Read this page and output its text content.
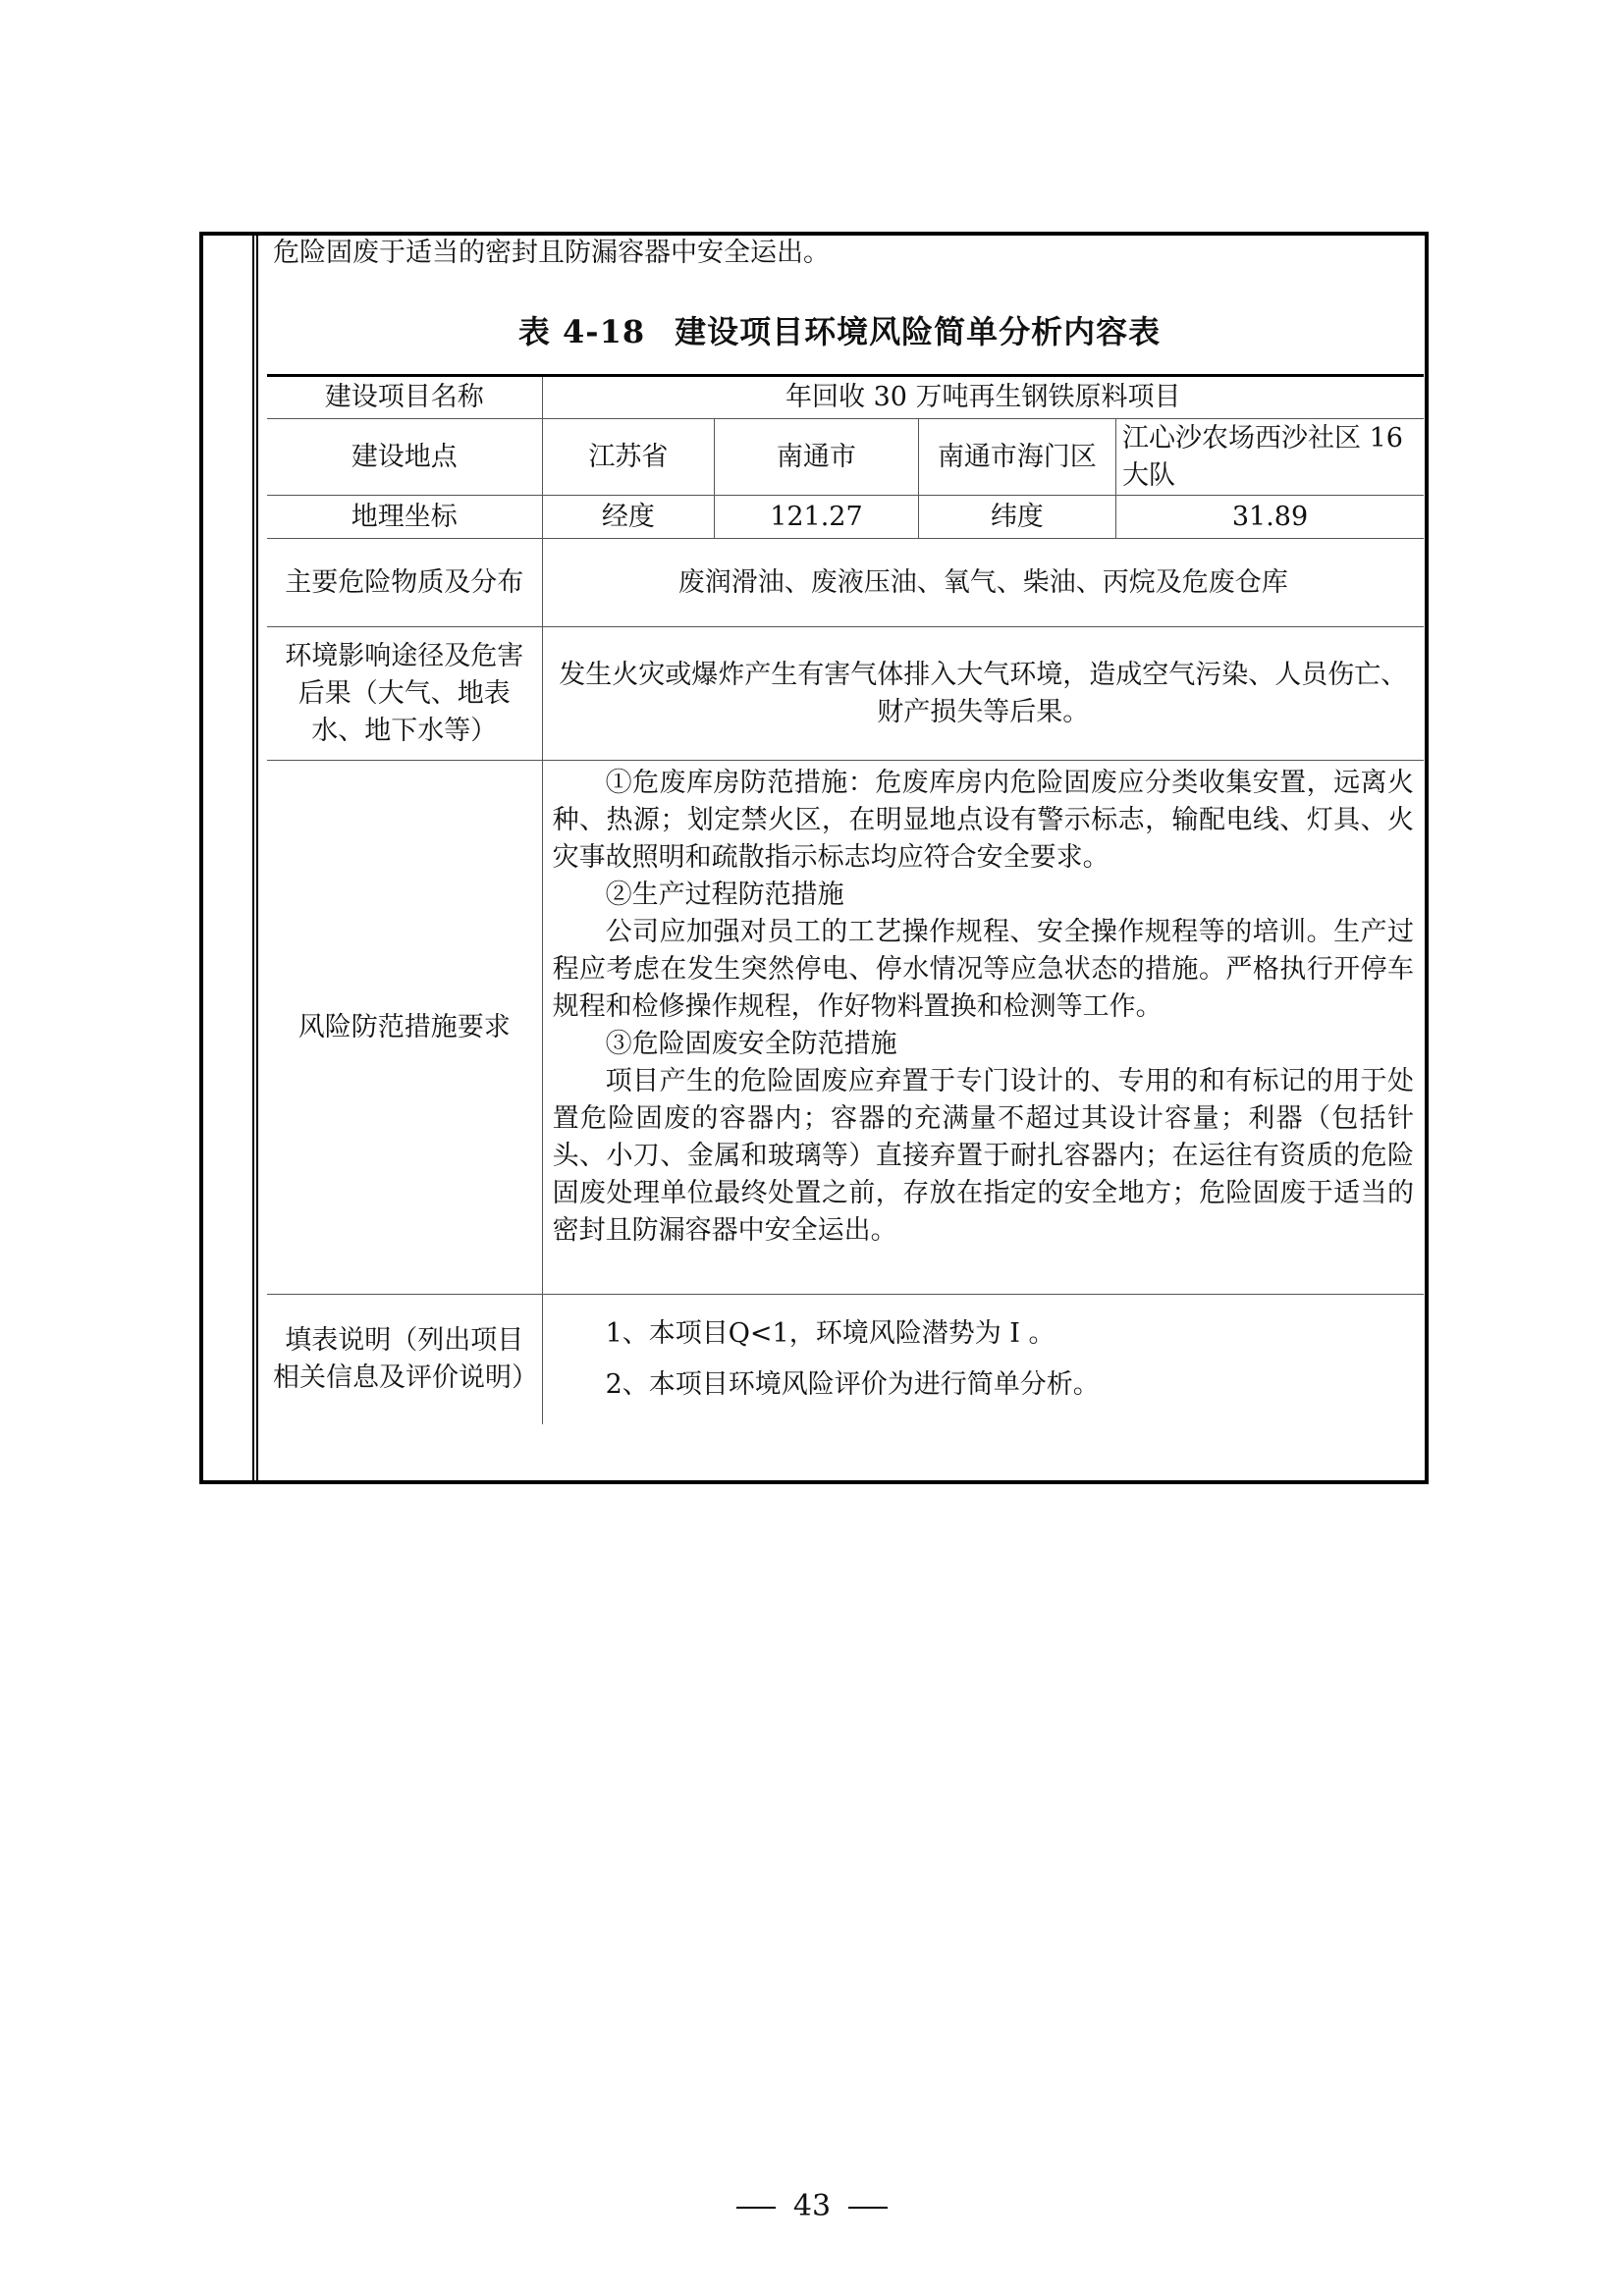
危险固废于适当的密封且防漏容器中安全运出。
表 4-18 建设项目环境风险简单分析内容表
建设项目名称	年回收 30 万吨再生钢铁原料项目			
建设地点	江苏省	南通市	南通市海门区	江心沙农场西沙社区 16 大队
地理坐标	经度	121.27	纬度	31.89
主要危险物质及分布	废润滑油、废液压油、氧气、柴油、丙烷及危废仓库			
环境影响途径及危害后果（大气、地表水、地下水等）	发生火灾或爆炸产生有害气体排入大气环境，造成空气污染、人员伤亡、财产损失等后果。			
风险防范措施要求	①危废库房防范措施：危废库房内危险固废应分类收集安置，远离火种、热源；划定禁火区，在明显地点设有警示标志，输配电线、灯具、火灾事故照明和疏散指示标志均应符合安全要求。

②生产过程防范措施

公司应加强对员工的工艺操作规程、安全操作规程等的培训。生产过程应考虑在发生突然停电、停水情况等应急状态的措施。严格执行开停车规程和检修操作规程，作好物料置换和检测等工作。

③危险固废安全防范措施

项目产生的危险固废应弃置于专门设计的、专用的和有标记的用于处置危险固废的容器内；容器的充满量不超过其设计容量；利器（包括针头、小刀、金属和玻璃等）直接弃置于耐扎容器内；在运往有资质的危险固废处理单位最终处置之前，存放在指定的安全地方；危险固废于适当的密封且防漏容器中安全运出。			

填表说明（列出项目相关信息及评价说明）	1、本项目Q<1，环境风险潜势为 I 。

2、本项目环境风险评价为进行简单分析。			

43
